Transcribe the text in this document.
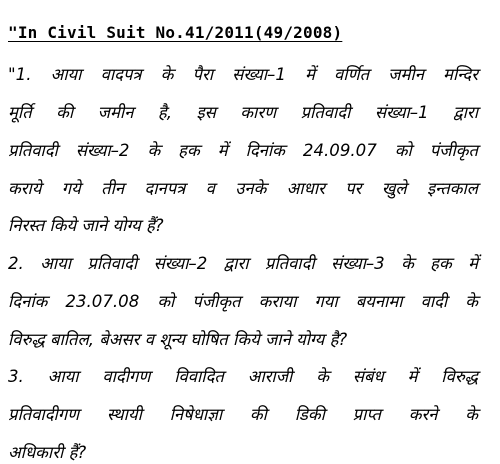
"In Civil Suit No.41/2011(49/2008)

"1. आया वादपत्र के पैरा संख्या–1 में वर्णित जमीन मन्दिर

मूर्ति की जमीन है, इस कारण प्रतिवादी संख्या–1 द्वारा

प्रतिवादी संख्या–2 के हक में दिनांक 24.09.07 को पंजीकृत

कराये गये तीन दानपत्र व उनके आधार पर खुले इन्तकाल

निरस्त किये जाने योग्य हैं?

2. आया प्रतिवादी संख्या–2 द्वारा प्रतिवादी संख्या–3 के हक में

दिनांक 23.07.08 को पंजीकृत कराया गया बयनामा वादी के

विरुद्ध बातिल, बेअसर व शून्य घोषित किये जाने योग्य है?

3. आया वादीगण विवादित आराजी के संबंध में विरुद्ध

प्रतिवादीगण स्थायी निषेधाज्ञा की डिकी प्राप्त करने के

अधिकारी हैं?
